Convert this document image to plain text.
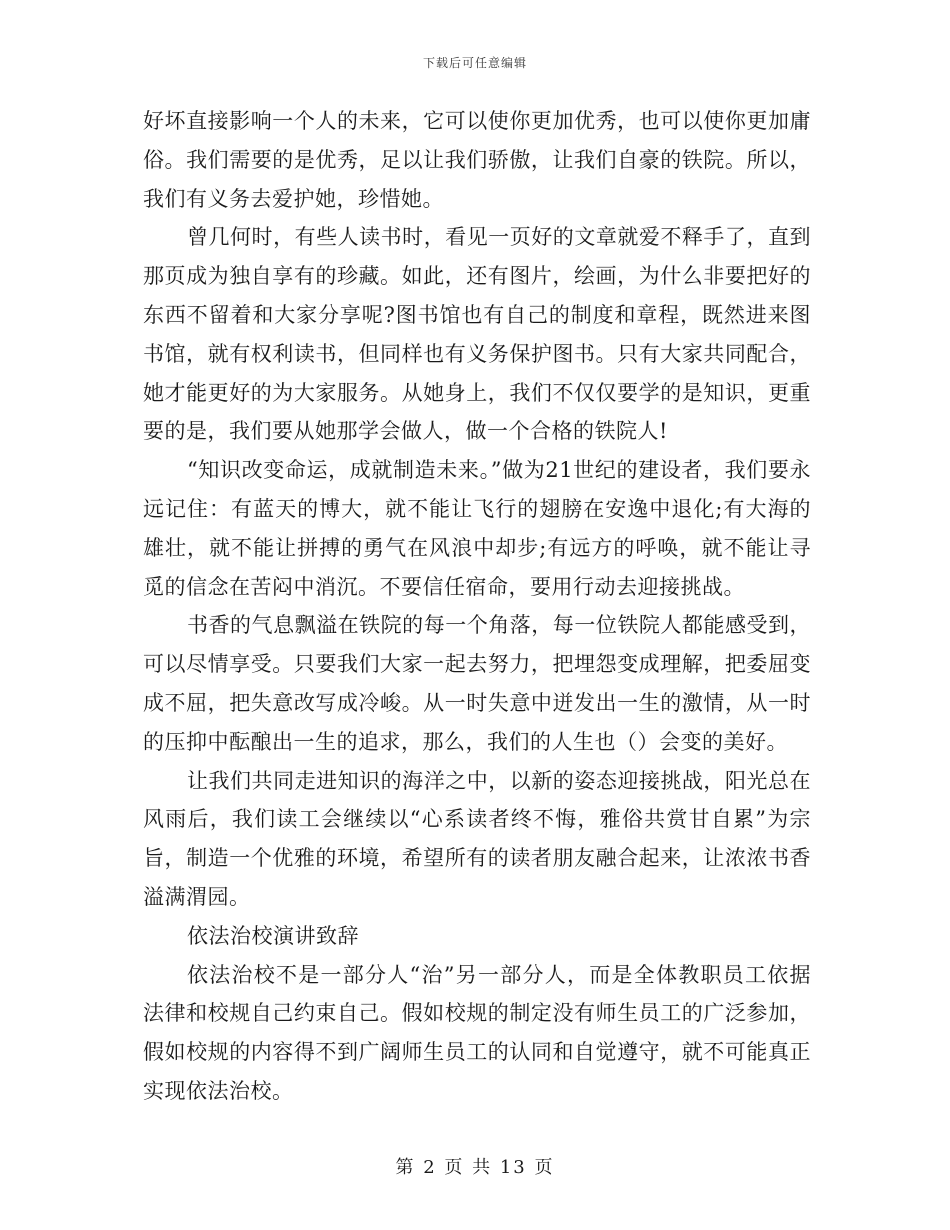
下载后可任意编辑

好坏直接影响一个人的未来，它可以使你更加优秀，也可以使你更加庸俗。我们需要的是优秀，足以让我们骄傲，让我们自豪的铁院。所以，我们有义务去爱护她，珍惜她。

曾几何时，有些人读书时，看见一页好的文章就爱不释手了，直到那页成为独自享有的珍藏。如此，还有图片，绘画，为什么非要把好的东西不留着和大家分享呢?图书馆也有自己的制度和章程，既然进来图书馆，就有权利读书，但同样也有义务保护图书。只有大家共同配合，她才能更好的为大家服务。从她身上，我们不仅仅要学的是知识，更重要的是，我们要从她那学会做人，做一个合格的铁院人!

“知识改变命运，成就制造未来。”做为21世纪的建设者，我们要永远记住：有蓝天的博大，就不能让飞行的翅膀在安逸中退化;有大海的雄壮，就不能让拼搏的勇气在风浪中却步;有远方的呼唤，就不能让寻觅的信念在苦闷中消沉。不要信任宿命，要用行动去迎接挑战。

书香的气息飘溢在铁院的每一个角落，每一位铁院人都能感受到，可以尽情享受。只要我们大家一起去努力，把埋怨变成理解，把委屈变成不屈，把失意改写成冷峻。从一时失意中迸发出一生的激情，从一时的压抑中酝酿出一生的追求，那么，我们的人生也（）会变的美好。

让我们共同走进知识的海洋之中，以新的姿态迎接挑战，阳光总在风雨后，我们读工会继续以“心系读者终不悔，雅俗共赏甘自累”为宗旨，制造一个优雅的环境，希望所有的读者朋友融合起来，让浓浓书香溢满渭园。

依法治校演讲致辞

依法治校不是一部分人“治”另一部分人，而是全体教职员工依据法律和校规自己约束自己。假如校规的制定没有师生员工的广泛参加，假如校规的内容得不到广阔师生员工的认同和自觉遵守，就不可能真正实现依法治校。

第 2 页 共 13 页
